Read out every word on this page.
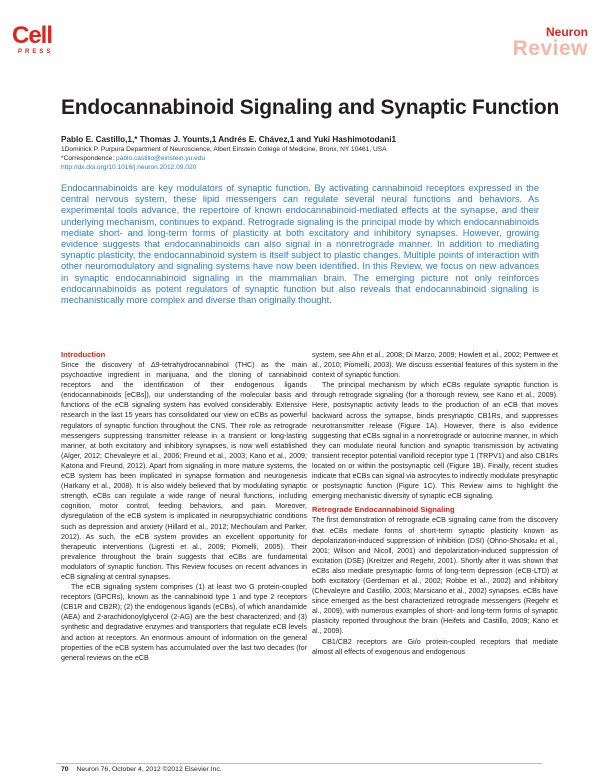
Cell
PRESS
Neuron
Review
Endocannabinoid Signaling and Synaptic Function
Pablo E. Castillo,1,* Thomas J. Younts,1 Andrés E. Chávez,1 and Yuki Hashimotodani1
1Dominick P. Purpura Department of Neuroscience, Albert Einstein College of Medicine, Bronx, NY 10461, USA
*Correspondence: pablo.castillo@einstein.yu.edu
http://dx.doi.org/10.1016/j.neuron.2012.09.020

Endocannabinoids are key modulators of synaptic function. By activating cannabinoid receptors expressed in the central nervous system, these lipid messengers can regulate several neural functions and behaviors. As experimental tools advance, the repertoire of known endocannabinoid-mediated effects at the synapse, and their underlying mechanism, continues to expand. Retrograde signaling is the principal mode by which endocannabinoids mediate short- and long-term forms of plasticity at both excitatory and inhibitory synapses. However, growing evidence suggests that endocannabinoids can also signal in a nonretrograde manner. In addition to mediating synaptic plasticity, the endocannabinoid system is itself subject to plastic changes. Multiple points of interaction with other neuromodulatory and signaling systems have now been identified. In this Review, we focus on new advances in synaptic endocannabinoid signaling in the mammalian brain. The emerging picture not only reinforces endocannabinoids as potent regulators of synaptic function but also reveals that endocannabinoid signaling is mechanistically more complex and diverse than originally thought.

Introduction

Since the discovery of Δ9-tetrahydrocannabinol (THC) as the main psychoactive ingredient in marijuana, and the cloning of cannabinoid receptors and the identification of their endogenous ligands (endocannabinoids [eCBs]), our understanding of the molecular basis and functions of the eCB signaling system has evolved considerably. Extensive research in the last 15 years has consolidated our view on eCBs as powerful regulators of synaptic function throughout the CNS. Their role as retrograde messengers suppressing transmitter release in a transient or long-lasting manner, at both excitatory and inhibitory synapses, is now well established (Alger, 2012; Chevaleyre et al., 2006; Freund et al., 2003; Kano et al., 2009; Katona and Freund, 2012). Apart from signaling in more mature systems, the eCB system has been implicated in synapse formation and neurogenesis (Harkany et al., 2008). It is also widely believed that by modulating synaptic strength, eCBs can regulate a wide range of neural functions, including cognition, motor control, feeding behaviors, and pain. Moreover, dysregulation of the eCB system is implicated in neuropsychiatric conditions such as depression and anxiety (Hillard et al., 2012; Mechoulam and Parker, 2012). As such, the eCB system provides an excellent opportunity for therapeutic interventions (Ligresti et al., 2009; Piomelli, 2005). Their prevalence throughout the brain suggests that eCBs are fundamental modulators of synaptic function. This Review focuses on recent advances in eCB signaling at central synapses.

The eCB signaling system comprises (1) at least two G protein-coupled receptors (GPCRs), known as the cannabinoid type 1 and type 2 receptors (CB1R and CB2R); (2) the endogenous ligands (eCBs), of which anandamide (AEA) and 2-arachidonoylglycerol (2-AG) are the best characterized; and (3) synthetic and degradative enzymes and transporters that regulate eCB levels and action at receptors. An enormous amount of information on the general properties of the eCB system has accumulated over the last two decades (for general reviews on the eCB

system, see Ahn et al., 2008; Di Marzo, 2009; Howlett et al., 2002; Pertwee et al., 2010; Piomelli, 2003). We discuss essential features of this system in the context of synaptic function.

The principal mechanism by which eCBs regulate synaptic function is through retrograde signaling (for a thorough review, see Kano et al., 2009). Here, postsynaptic activity leads to the production of an eCB that moves backward across the synapse, binds presynaptic CB1Rs, and suppresses neurotransmitter release (Figure 1A). However, there is also evidence suggesting that eCBs signal in a nonretrograde or autocrine manner, in which they can modulate neural function and synaptic transmission by activating transient receptor potential vanilloid receptor type 1 (TRPV1) and also CB1Rs located on or within the postsynaptic cell (Figure 1B). Finally, recent studies indicate that eCBs can signal via astrocytes to indirectly modulate presynaptic or postsynaptic function (Figure 1C). This Review aims to highlight the emerging mechanistic diversity of synaptic eCB signaling.

Retrograde Endocannabinoid Signaling

The first demonstration of retrograde eCB signaling came from the discovery that eCBs mediate forms of short-term synaptic plasticity known as depolarization-induced suppression of inhibition (DSI) (Ohno-Shosaku et al., 2001; Wilson and Nicoll, 2001) and depolarization-induced suppression of excitation (DSE) (Kreitzer and Regehr, 2001). Shortly after it was shown that eCBs also mediate presynaptic forms of long-term depression (eCB-LTD) at both excitatory (Gerdeman et al., 2002; Robbe et al., 2002) and inhibitory (Chevaleyre and Castillo, 2003; Marsicano et al., 2002) synapses. eCBs have since emerged as the best characterized retrograde messengers (Regehr et al., 2009), with numerous examples of short- and long-term forms of synaptic plasticity reported throughout the brain (Heifets and Castillo, 2009; Kano et al., 2009).

CB1/CB2 receptors are Gi/o protein-coupled receptors that mediate almost all effects of exogenous and endogenous

70 Neuron 76, October 4, 2012 ©2012 Elsevier Inc.
